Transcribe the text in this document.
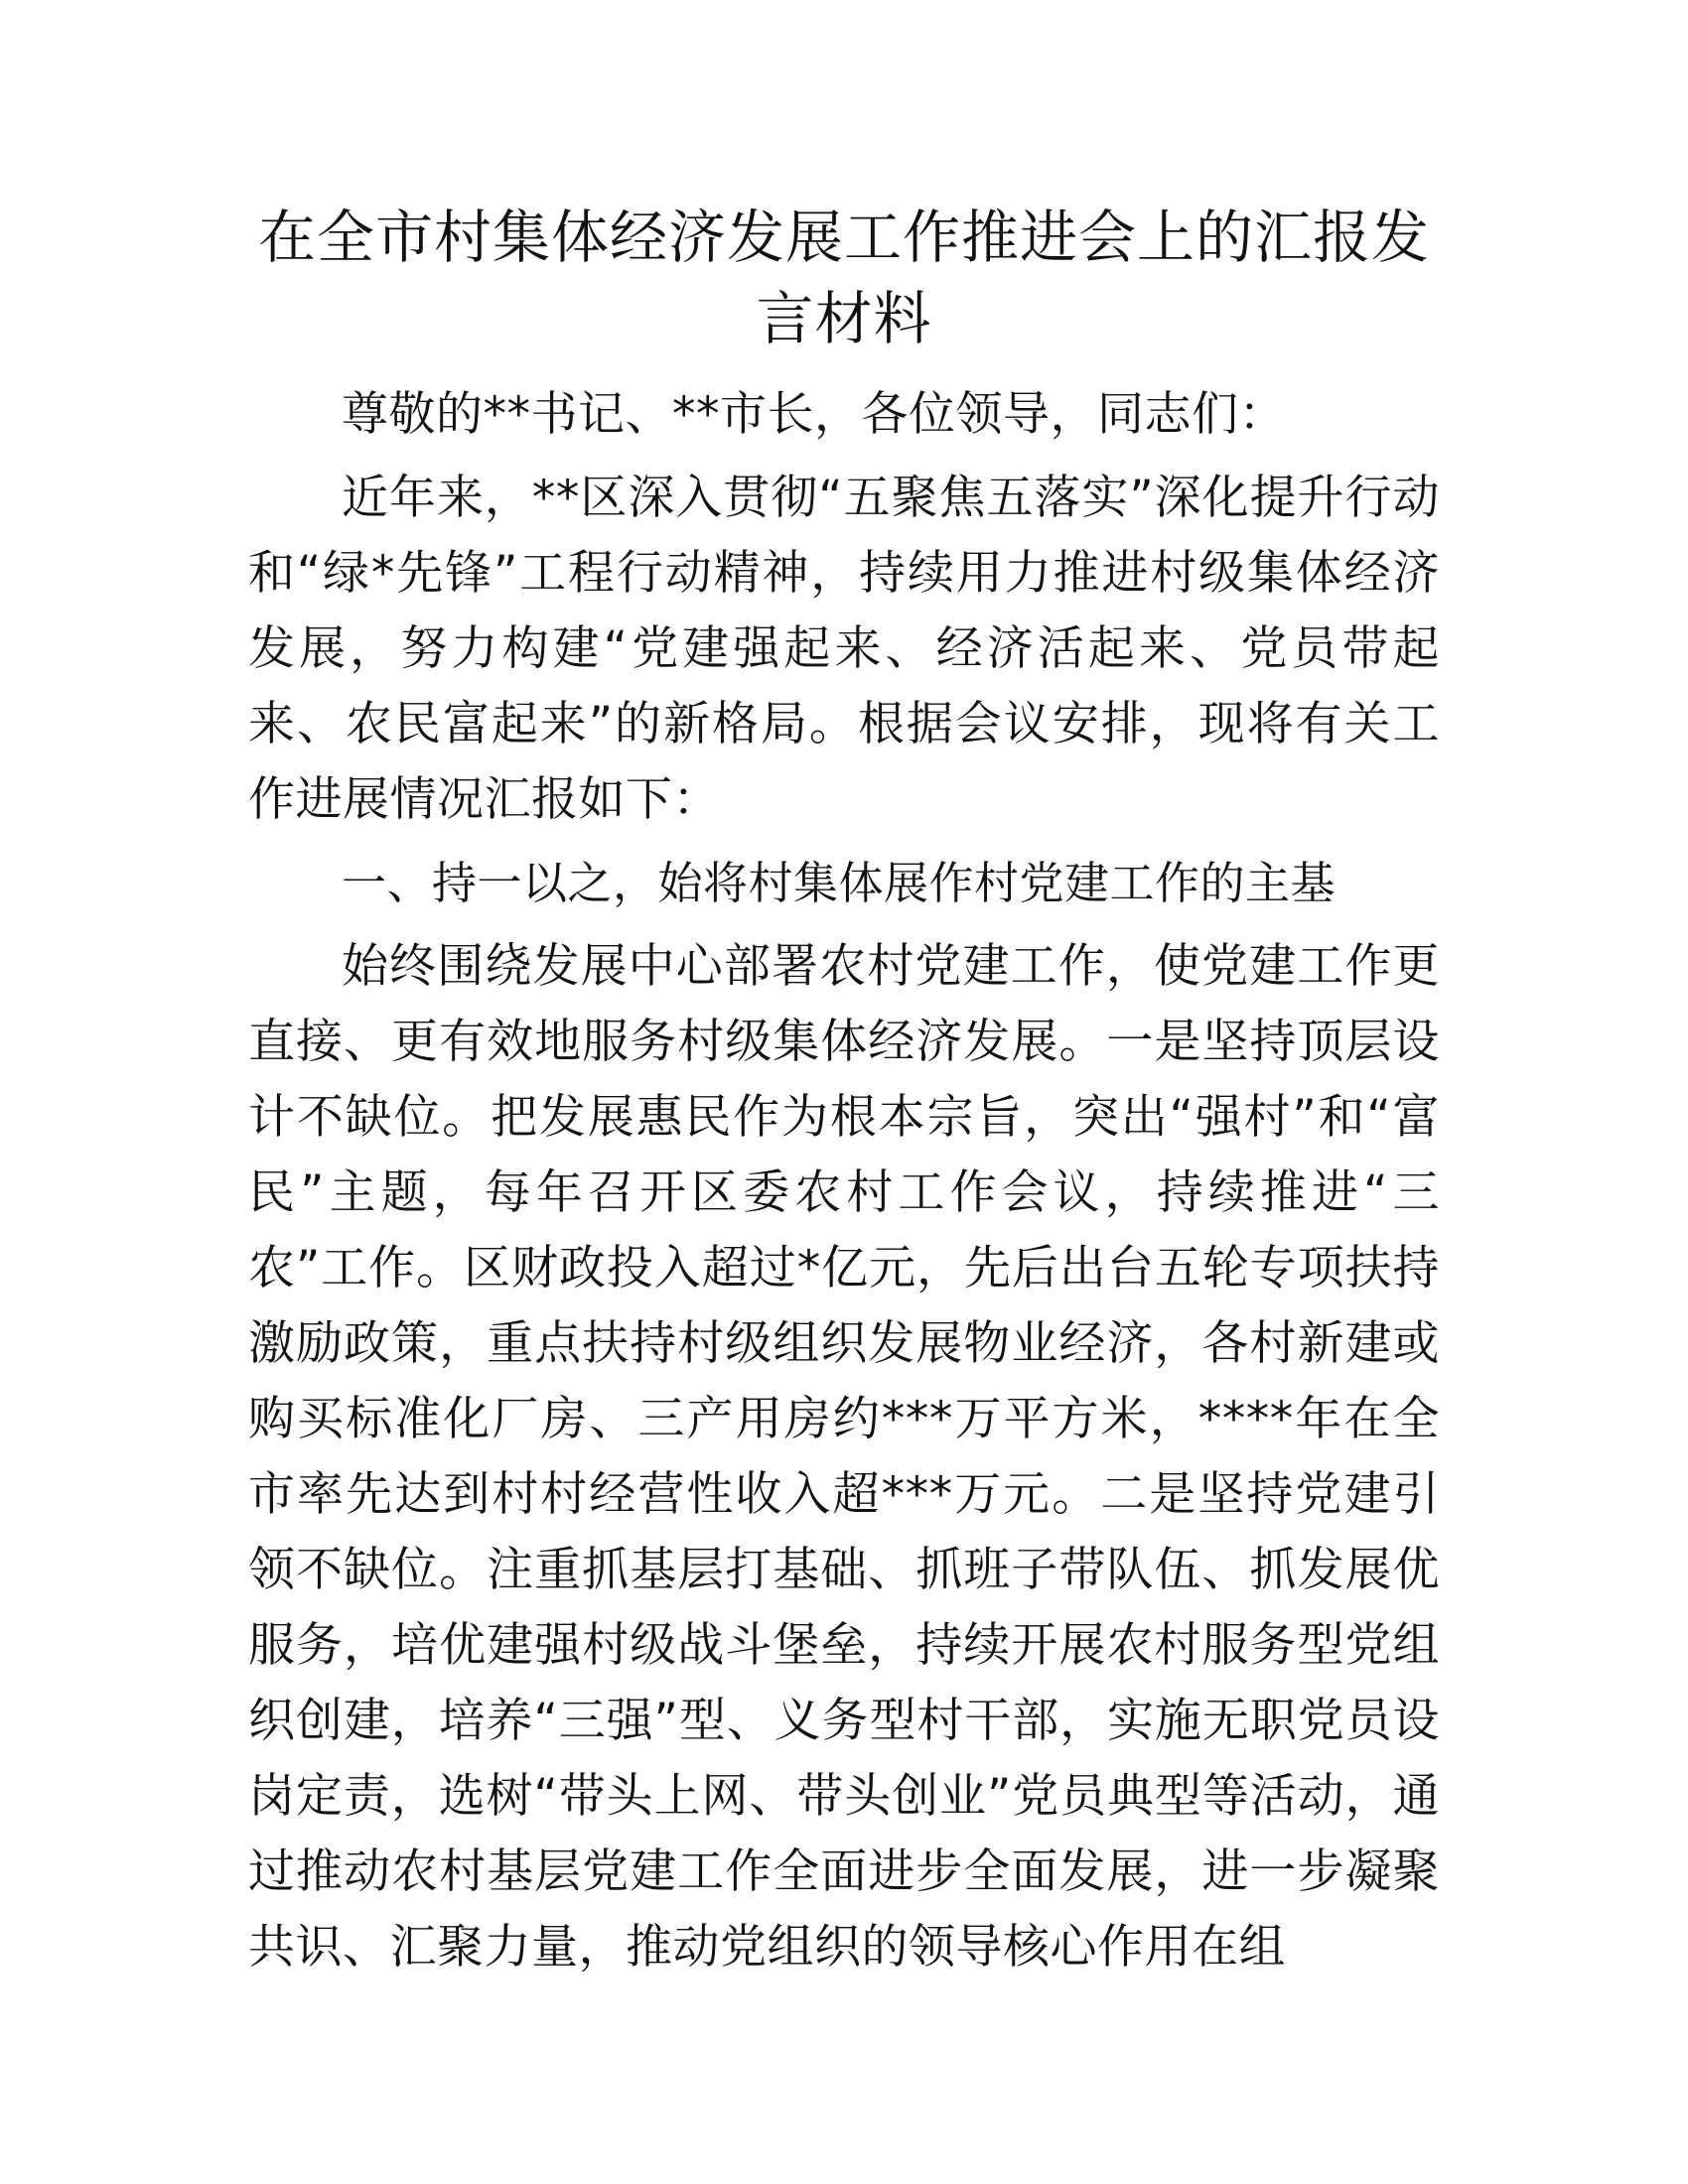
在全市村集体经济发展工作推进会上的汇报发言材料

尊敬的**书记、**市长，各位领导，同志们：

近年来，**区深入贯彻“五聚焦五落实”深化提升行动和“绿*先锋”工程行动精神，持续用力推进村级集体经济发展，努力构建“党建强起来、经济活起来、党员带起来、农民富起来”的新格局。根据会议安排，现将有关工作进展情况汇报如下：

一、持一以之，始将村集体展作村党建工作的主基

始终围绕发展中心部署农村党建工作，使党建工作更直接、更有效地服务村级集体经济发展。一是坚持顶层设计不缺位。把发展惠民作为根本宗旨，突出“强村”和“富民”主题，每年召开区委农村工作会议，持续推进“三农”工作。区财政投入超过*亿元，先后出台五轮专项扶持激励政策，重点扶持村级组织发展物业经济，各村新建或购买标准化厂房、三产用房约***万平方米，****年在全市率先达到村村经营性收入超***万元。二是坚持党建引领不缺位。注重抓基层打基础、抓班子带队伍、抓发展优服务，培优建强村级战斗堡垒，持续开展农村服务型党组织创建，培养“三强”型、义务型村干部，实施无职党员设岗定责，选树“带头上网、带头创业”党员典型等活动，通过推动农村基层党建工作全面进步全面发展，进一步凝聚共识、汇聚力量，推动党组织的领导核心作用在组
